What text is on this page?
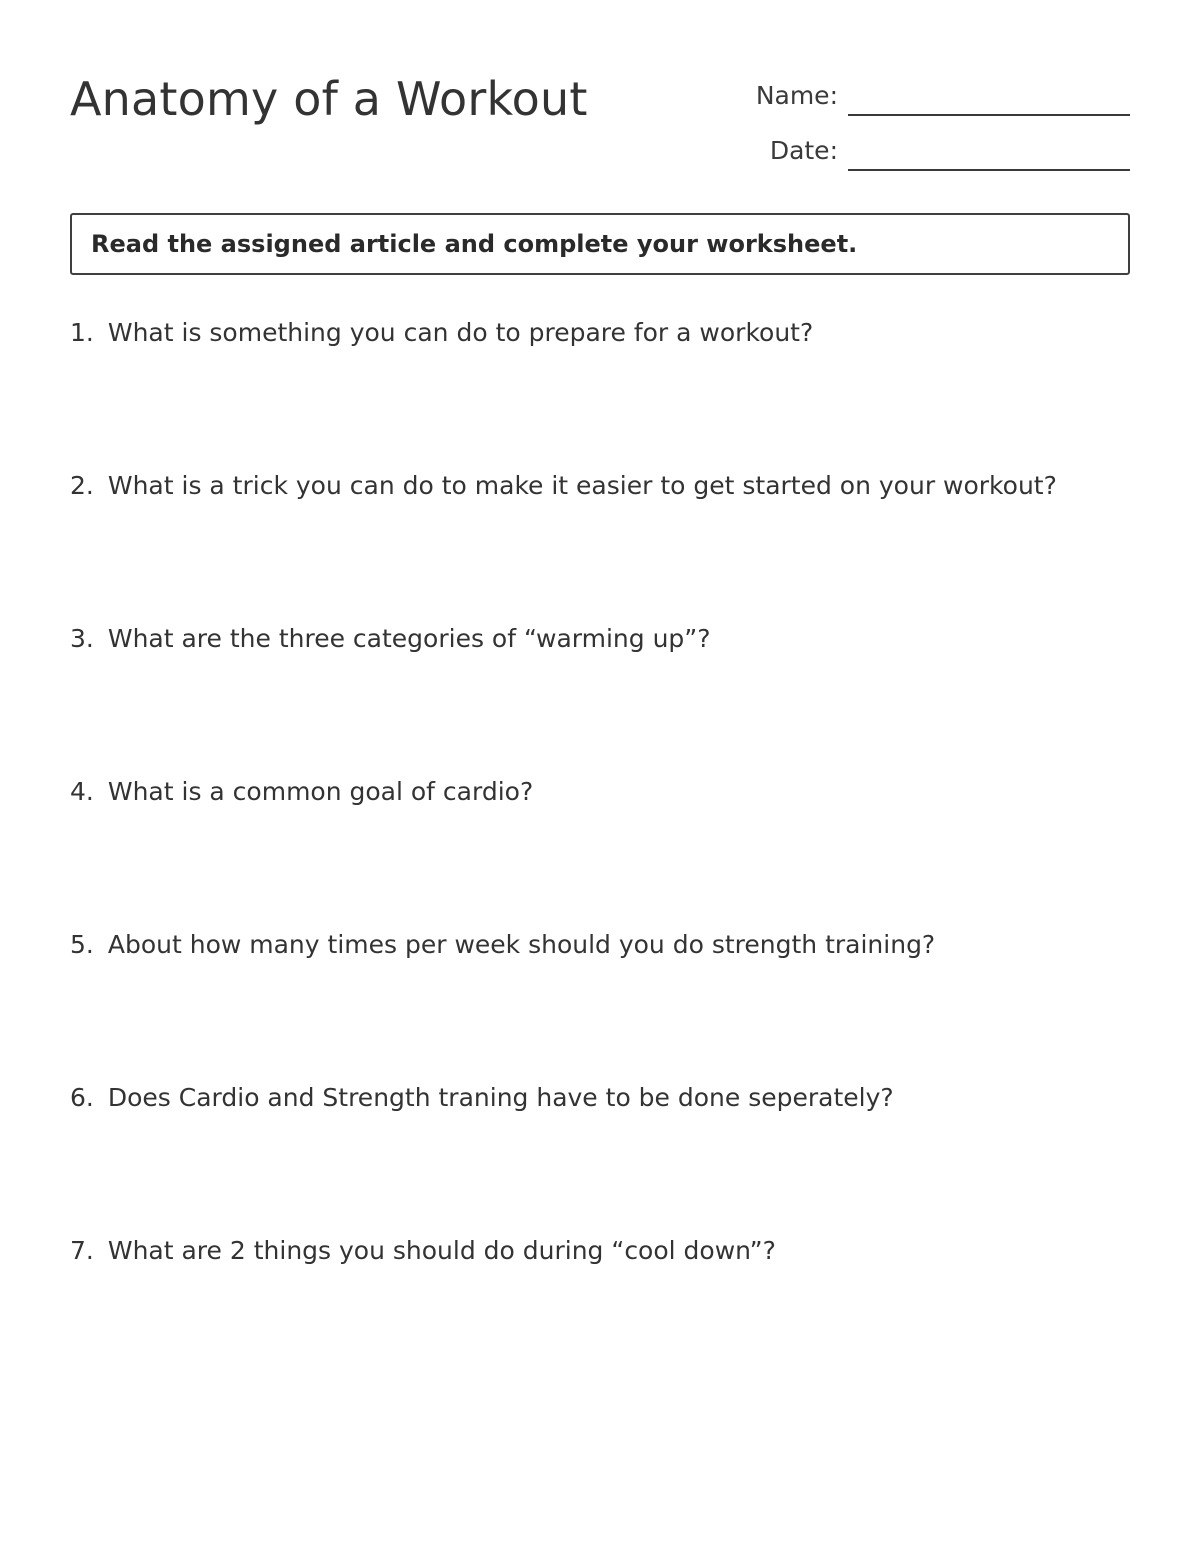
Anatomy of a Workout	Name:
Date:
Read the assigned article and complete your worksheet.
1. What is something you can do to prepare for a workout?
2. What is a trick you can do to make it easier to get started on your workout?
3. What are the three categories of “warming up”?
4. What is a common goal of cardio?
5. About how many times per week should you do strength training?
6. Does Cardio and Strength traning have to be done seperately?
7. What are 2 things you should do during “cool down”?
